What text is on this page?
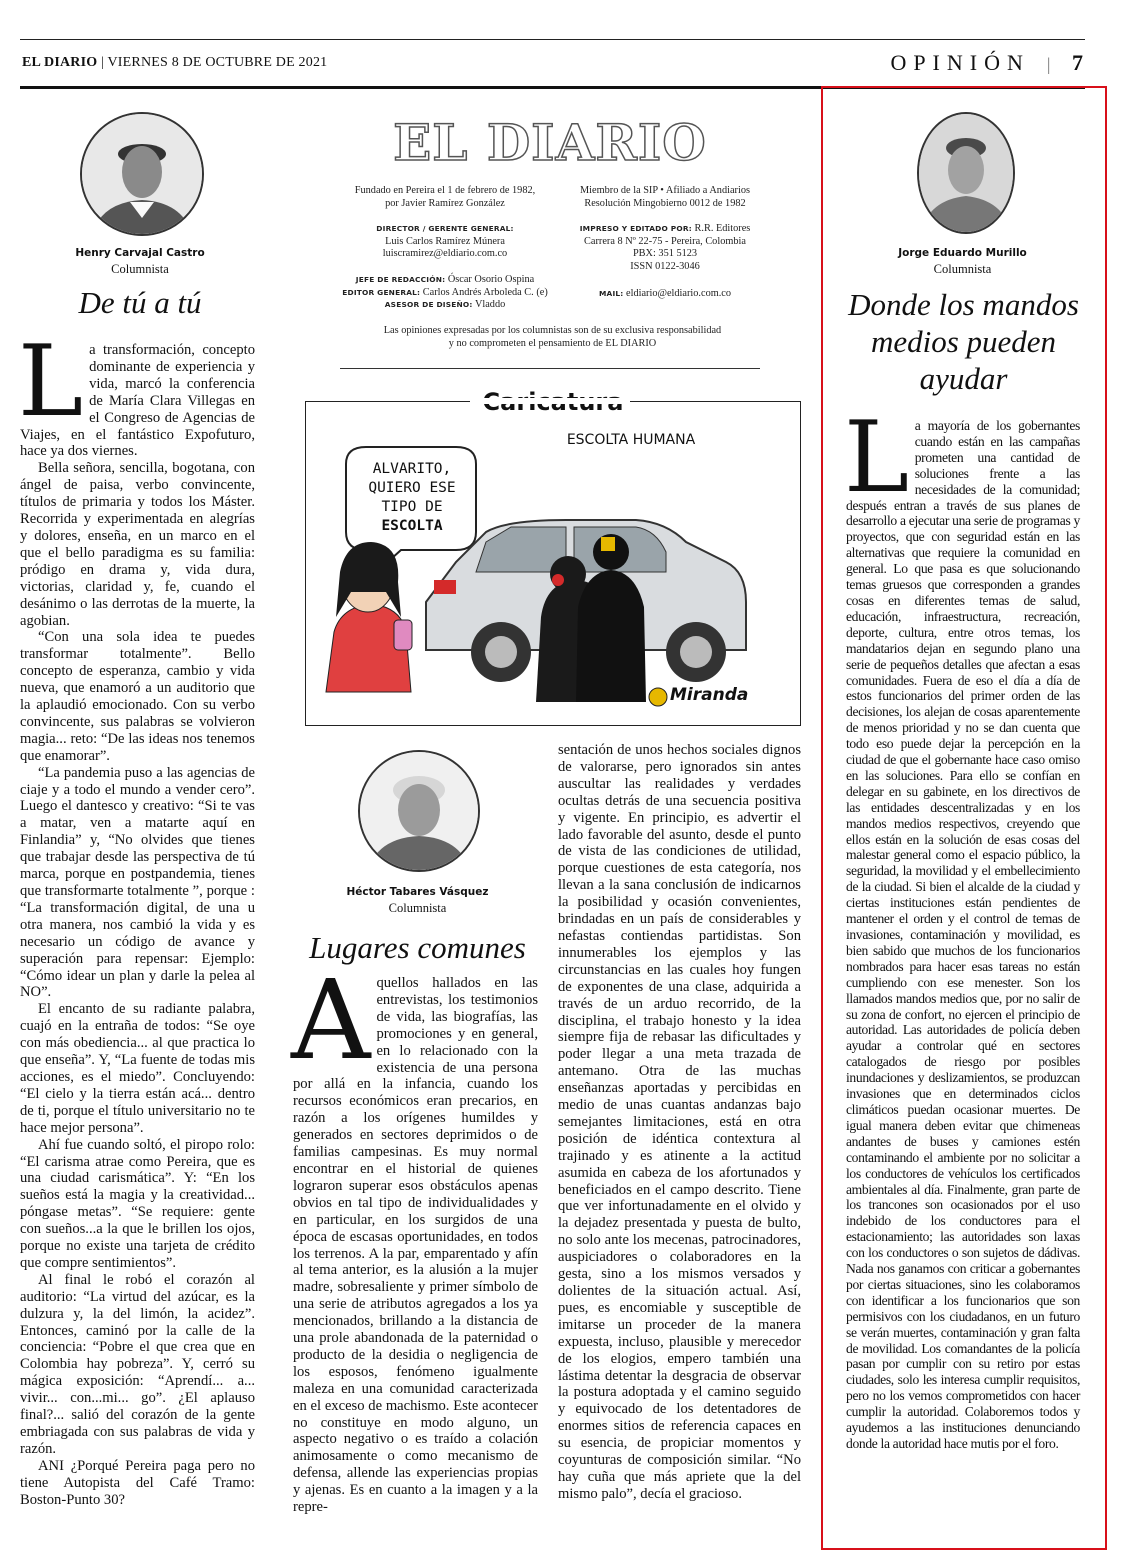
EL DIARIO | VIERNES 8 DE OCTUBRE DE 2021	OPINIÓN  |   7
Henry Carvajal Castro
Columnista
De tú a tú

La transformación, concepto dominante de experiencia y vida, marcó la conferencia de María Clara Villegas en el Congreso de Agencias de Viajes, en el fantástico Expofuturo, hace ya dos viernes.

Bella señora, sencilla, bogotana, con ángel de paisa, verbo convincente, títulos de primaria y todos los Máster. Recorrida y experimentada en alegrías y dolores, enseña, en un marco en el que el bello paradigma es su familia: pródigo en drama y, vida dura, victorias, claridad y, fe, cuando el desánimo o las derrotas de la muerte, la agobian.

“Con una sola idea te puedes transformar totalmente”. Bello concepto de esperanza, cambio y vida nueva, que enamoró a un auditorio que la aplaudió emocionado. Con su verbo convincente, sus palabras se volvieron magia... reto: “De las ideas nos tenemos que enamorar”.

“La pandemia puso a las agencias de ciaje y a todo el mundo a vender cero”. Luego el dantesco y creativo: “Si te vas a matar, ven a matarte aquí en Finlandia” y, “No olvides que tienes que trabajar desde las perspectiva de tú marca, porque en postpandemia, tienes que transformarte totalmente ”, porque : “La transformación digital, de una u otra manera, nos cambió la vida y es necesario un código de avance y superación para repensar: Ejemplo: “Cómo idear un plan y darle la pelea al NO”.

El encanto de su radiante palabra, cuajó en la entraña de todos: “Se oye con más obediencia... al que practica lo que enseña”. Y, “La fuente de todas mis acciones, es el miedo”. Concluyendo: “El cielo y la tierra están acá... dentro de ti, porque el título universitario no te hace mejor persona”.

Ahí fue cuando soltó, el piropo rolo: “El carisma atrae como Pereira, que es una ciudad carismática”. Y: “En los sueños está la magia y la creatividad... póngase metas”. “Se requiere: gente con sueños...a la que le brillen los ojos, porque no existe una tarjeta de crédito que compre sentimientos”.

Al final le robó el corazón al auditorio: “La virtud del azúcar, es la dulzura y, la del limón, la acidez”. Entonces, caminó por la calle de la conciencia: “Pobre el que crea que en Colombia hay pobreza”. Y, cerró su mágica exposición: “Aprendí... a... vivir... con...mi... go”. ¿El aplauso final?... salió del corazón de la gente embriagada con sus palabras de vida y razón.

ANI ¿Porqué Pereira paga pero no tiene Autopista del Café Tramo: Boston-Punto 30?

EL DIARIO
Fundado en Pereira el 1 de febrero de 1982,
por Javier Ramírez González
Miembro de la SIP • Afiliado a Andiarios
Resolución Mingobierno 0012 de 1982
DIRECTOR / GERENTE GENERAL:
Luis Carlos Ramírez Múnera
luiscramirez@eldiario.com.co
IMPRESO Y EDITADO POR: R.R. Editores
Carrera 8 Nº 22-75 - Pereira, Colombia
PBX: 351 5123
ISSN 0122-3046
JEFE DE REDACCIÓN: Óscar Osorio Ospina
EDITOR GENERAL: Carlos Andrés Arboleda C. (e)
ASESOR DE DISEÑO: Vladdo
MAIL: eldiario@eldiario.com.co
Las opiniones expresadas por los columnistas son de su exclusiva responsabilidad
y no comprometen el pensamiento de EL DIARIO
ESCOLTA HUMANA
ALVARITO,
QUIERO ESE
TIPO DE
ESCOLTA
Miranda
Héctor Tabares Vásquez
Columnista
Lugares comunes

Aquellos hallados en las entrevistas, los testimonios de vida, las biografías, las promociones y en general, en lo relacionado con la existencia de una persona por allá en la infancia, cuando los recursos económicos eran precarios, en razón a los orígenes humildes y generados en sectores deprimidos o de familias campesinas. Es muy normal encontrar en el historial de quienes lograron superar esos obstáculos apenas obvios en tal tipo de individualidades y en particular, en los surgidos de una época de escasas oportunidades, en todos los terrenos. A la par, emparentado y afín al tema anterior, es la alusión a la mujer madre, sobresaliente y primer símbolo de una serie de atributos agregados a los ya mencionados, brillando a la distancia de una prole abandonada de la paternidad o producto de la desidia o negligencia de los esposos, fenómeno igualmente maleza en una comunidad caracterizada en el exceso de machismo. Este acontecer no constituye en modo alguno, un aspecto negativo o es traído a colación animosamente o como mecanismo de defensa, allende las experiencias propias y ajenas. Es en cuanto a la imagen y a la repre-

sentación de unos hechos sociales dignos de valorarse, pero ignorados sin antes auscultar las realidades y verdades ocultas detrás de una secuencia positiva y vigente. En principio, es advertir el lado favorable del asunto, desde el punto de vista de las condiciones de utilidad, porque cuestiones de esta categoría, nos llevan a la sana conclusión de indicarnos la posibilidad y ocasión convenientes, brindadas en un país de considerables y nefastas contiendas partidistas. Son innumerables los ejemplos y las circunstancias en las cuales hoy fungen de exponentes de una clase, adquirida a través de un arduo recorrido, de la disciplina, el trabajo honesto y la idea siempre fija de rebasar las dificultades y poder llegar a una meta trazada de antemano. Otra de las muchas enseñanzas aportadas y percibidas en medio de unas cuantas andanzas bajo semejantes limitaciones, está en otra posición de idéntica contextura al trajinado y es atinente a la actitud asumida en cabeza de los afortunados y beneficiados en el campo descrito. Tiene que ver infortunadamente en el olvido y la dejadez presentada y puesta de bulto, no solo ante los mecenas, patrocinadores, auspiciadores o colaboradores en la gesta, sino a los mismos versados y dolientes de la situación actual. Así, pues, es encomiable y susceptible de imitarse un proceder de la manera expuesta, incluso, plausible y merecedor de los elogios, empero también una lástima detentar la desgracia de observar la postura adoptada y el camino seguido y equivocado de los detentadores de enormes sitios de referencia capaces en su esencia, de propiciar momentos y coyunturas de composición similar. “No hay cuña que más apriete que la del mismo palo”, decía el gracioso.

Jorge Eduardo Murillo
Columnista
Donde los mandos medios pueden ayudar

La mayoría de los gobernantes cuando están en las campañas prometen una cantidad de soluciones frente a las necesidades de la comunidad; después entran a través de sus planes de desarrollo a ejecutar una serie de programas y proyectos, que con seguridad están en las alternativas que requiere la comunidad en general. Lo que pasa es que solucionando temas gruesos que corresponden a grandes cosas en diferentes temas de salud, educación, infraestructura, recreación, deporte, cultura, entre otros temas, los mandatarios dejan en segundo plano una serie de pequeños detalles que afectan a esas comunidades. Fuera de eso el día a día de estos funcionarios del primer orden de las decisiones, los alejan de cosas aparentemente de menos prioridad y no se dan cuenta que todo eso puede dejar la percepción en la ciudad de que el gobernante hace caso omiso en las soluciones. Para ello se confían en delegar en su gabinete, en los directivos de las entidades descentralizadas y en los mandos medios respectivos, creyendo que ellos están en la solución de esas cosas del malestar general como el espacio público, la seguridad, la movilidad y el embellecimiento de la ciudad. Si bien el alcalde de la ciudad y ciertas instituciones están pendientes de mantener el orden y el control de temas de invasiones, contaminación y movilidad, es bien sabido que muchos de los funcionarios nombrados para hacer esas tareas no están cumpliendo con ese menester. Son los llamados mandos medios que, por no salir de su zona de confort, no ejercen el principio de autoridad. Las autoridades de policía deben ayudar a controlar qué en sectores catalogados de riesgo por posibles inundaciones y deslizamientos, se produzcan invasiones que en determinados ciclos climáticos puedan ocasionar muertes. De igual manera deben evitar que chimeneas andantes de buses y camiones estén contaminando el ambiente por no solicitar a los conductores de vehículos los certificados ambientales al día. Finalmente, gran parte de los trancones son ocasionados por el uso indebido de los conductores para el estacionamiento; las autoridades son laxas con los conductores o son sujetos de dádivas. Nada nos ganamos con criticar a gobernantes por ciertas situaciones, sino les colaboramos con identificar a los funcionarios que son permisivos con los ciudadanos, en un futuro se verán muertes, contaminación y gran falta de movilidad. Los comandantes de la policía pasan por cumplir con su retiro por estas ciudades, solo les interesa cumplir requisitos, pero no los vemos comprometidos con hacer cumplir la autoridad. Colaboremos todos y ayudemos a las instituciones denunciando donde la autoridad hace mutis por el foro.
